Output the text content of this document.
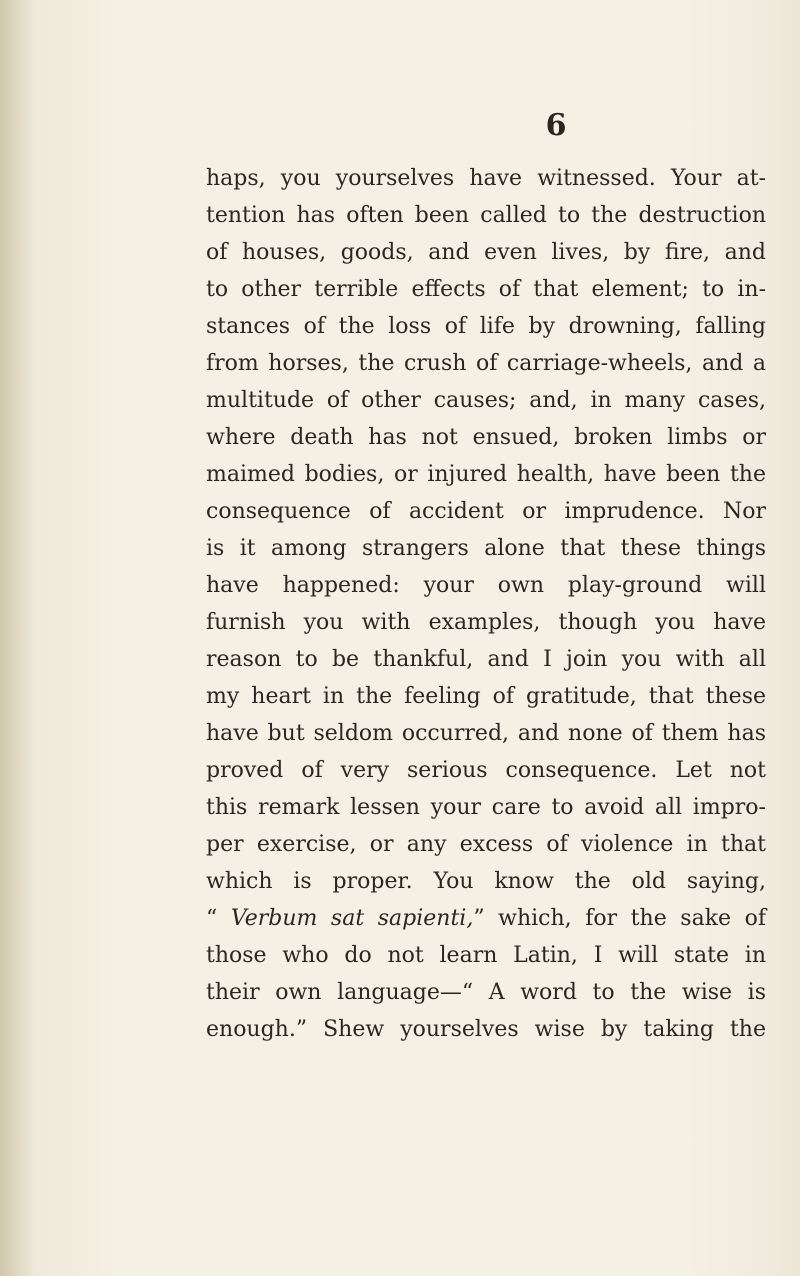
6
haps, you yourselves have witnessed. Your at-
tention has often been called to the destruction
of houses, goods, and even lives, by fire, and
to other terrible effects of that element; to in-
stances of the loss of life by drowning, falling
from horses, the crush of carriage-wheels, and a
multitude of other causes; and, in many cases,
where death has not ensued, broken limbs or
maimed bodies, or injured health, have been the
consequence of accident or imprudence. Nor
is it among strangers alone that these things
have happened: your own play-ground will
furnish you with examples, though you have
reason to be thankful, and I join you with all
my heart in the feeling of gratitude, that these
have but seldom occurred, and none of them has
proved of very serious consequence. Let not
this remark lessen your care to avoid all impro-
per exercise, or any excess of violence in that
which is proper. You know the old saying,
“ Verbum sat sapienti,” which, for the sake of
those who do not learn Latin, I will state in
their own language—“ A word to the wise is
enough.” Shew yourselves wise by taking the
